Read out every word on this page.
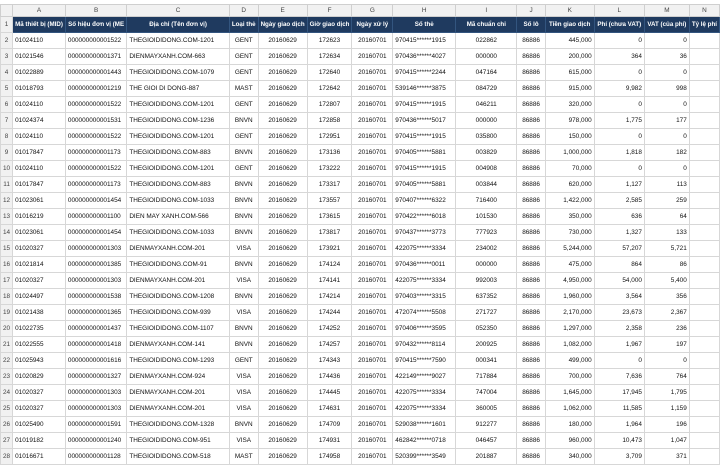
	A	B	C	D	E	F	G	H	I	J	K	L	M	N
1	Mã thiết bị (MID)	Số hiệu đơn vị (ME	Địa chỉ (Tên đơn vị)	Loại thẻ	Ngày giao dịch	Giờ giao dịch	Ngày xử lý	Số thẻ	Mã chuẩn chi	Số lô	Tiền giao dịch	Phí (chưa VAT)	VAT (của phí)	Tỷ lệ phí
2	01024110	000000000001522	THEGIOIDIDONG.COM-1201	GENT	20160629	172623	20160701	970415******1915	022862	86886	445,000	0	0	
3	01021546	000000000001371	DIENMAYXANH.COM-663	GENT	20160629	172634	20160701	970436******4027	000000	86886	200,000	364	36	
4	01022889	000000000001443	THEGIOIDIDONG.COM-1079	GENT	20160629	172640	20160701	970415******2244	047164	86886	615,000	0	0	
5	01018793	000000000001219	THE GIOI DI DONG-887	MAST	20160629	172642	20160701	539146******3875	084729	86886	915,000	9,982	998	
6	01024110	000000000001522	THEGIOIDIDONG.COM-1201	GENT	20160629	172807	20160701	970415******1915	046211	86886	320,000	0	0	
7	01024374	000000000001531	THEGIOIDIDONG.COM-1236	BNVN	20160629	172858	20160701	970436******5017	000000	86886	978,000	1,775	177	
8	01024110	000000000001522	THEGIOIDIDONG.COM-1201	GENT	20160629	172951	20160701	970415******1915	035800	86886	150,000	0	0	
9	01017847	000000000001173	THEGIOIDIDONG.COM-883	BNVN	20160629	173136	20160701	970405******5881	003829	86886	1,000,000	1,818	182	
10	01024110	000000000001522	THEGIOIDIDONG.COM-1201	GENT	20160629	173222	20160701	970415******1915	004908	86886	70,000	0	0	
11	01017847	000000000001173	THEGIOIDIDONG.COM-883	BNVN	20160629	173317	20160701	970405******5881	003844	86886	620,000	1,127	113	
12	01023061	000000000001454	THEGIOIDIDONG.COM-1033	BNVN	20160629	173557	20160701	970407******6322	716400	86886	1,422,000	2,585	259	
13	01016219	000000000001100	DIEN MAY XANH.COM-566	BNVN	20160629	173615	20160701	970422******6018	101530	86886	350,000	636	64	
14	01023061	000000000001454	THEGIOIDIDONG.COM-1033	BNVN	20160629	173817	20160701	970437******3773	777923	86886	730,000	1,327	133	
15	01020327	000000000001303	DIENMAYXANH.COM-201	VISA	20160629	173921	20160701	422075******3334	234002	86886	5,244,000	57,207	5,721	
16	01021814	000000000001385	THEGIOIDIDONG.COM-91	BNVN	20160629	174124	20160701	970436******0011	000000	86886	475,000	864	86	
17	01020327	000000000001303	DIENMAYXANH.COM-201	VISA	20160629	174141	20160701	422075******3334	992003	86886	4,950,000	54,000	5,400	
18	01024497	000000000001538	THEGIOIDIDONG.COM-1208	BNVN	20160629	174214	20160701	970403******3315	637352	86886	1,960,000	3,564	356	
19	01021438	000000000001365	THEGIOIDIDONG.COM-939	VISA	20160629	174244	20160701	472074******5508	271727	86886	2,170,000	23,673	2,367	
20	01022735	000000000001437	THEGIOIDIDONG.COM-1107	BNVN	20160629	174252	20160701	970406******3595	052350	86886	1,297,000	2,358	236	
21	01022555	000000000001418	DIENMAYXANH.COM-141	BNVN	20160629	174257	20160701	970432******8114	200925	86886	1,082,000	1,967	197	
22	01025943	000000000001616	THEGIOIDIDONG.COM-1293	GENT	20160629	174343	20160701	970415******7590	000341	86886	499,000	0	0	
23	01020829	000000000001327	DIENMAYXANH.COM-924	VISA	20160629	174436	20160701	422149******9027	717884	86886	700,000	7,636	764	
24	01020327	000000000001303	DIENMAYXANH.COM-201	VISA	20160629	174445	20160701	422075******3334	747004	86886	1,645,000	17,945	1,795	
25	01020327	000000000001303	DIENMAYXANH.COM-201	VISA	20160629	174631	20160701	422075******3334	360005	86886	1,062,000	11,585	1,159	
26	01025490	000000000001591	THEGIOIDIDONG.COM-1328	BNVN	20160629	174709	20160701	529038******1601	912277	86886	180,000	1,964	196	
27	01019182	000000000001240	THEGIOIDIDONG.COM-951	VISA	20160629	174931	20160701	462842******0718	046457	86886	960,000	10,473	1,047	
28	01016671	000000000001128	THEGIOIDIDONG.COM-518	MAST	20160629	174958	20160701	520399******3549	201887	86886	340,000	3,709	371	
